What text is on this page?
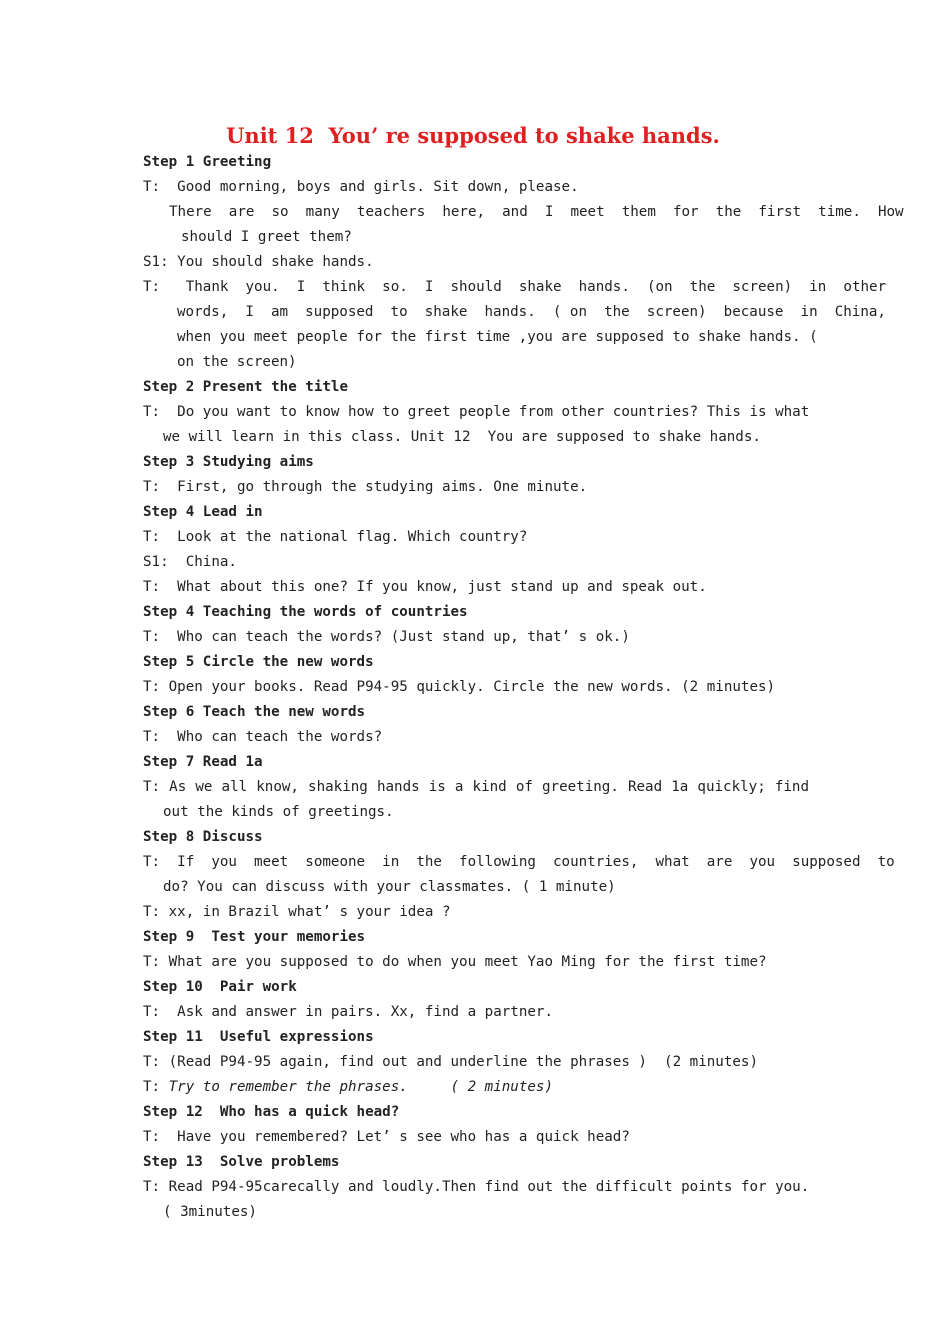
Unit 12  You’ re supposed to shake hands.
Step 1 Greeting
T:  Good morning, boys and girls. Sit down, please.
There  are  so  many  teachers  here,  and  I  meet  them  for  the  first  time.  How
should I greet them?
S1: You should shake hands.
T:   Thank  you.  I  think  so.  I  should  shake  hands.  (on  the  screen)  in  other
words,  I  am  supposed  to  shake  hands.  ( on  the  screen)  because  in  China,
when you meet people for the first time ,you are supposed to shake hands. (
on the screen)
Step 2 Present the title
T:  Do you want to know how to greet people from other countries? This is what
we will learn in this class. Unit 12  You are supposed to shake hands.
Step 3 Studying aims
T:  First, go through the studying aims. One minute.
Step 4 Lead in
T:  Look at the national flag. Which country?
S1:  China.
T:  What about this one? If you know, just stand up and speak out.
Step 4 Teaching the words of countries
T:  Who can teach the words? (Just stand up, that’ s ok.)
Step 5 Circle the new words
T: Open your books. Read P94-95 quickly. Circle the new words. (2 minutes)
Step 6 Teach the new words
T:  Who can teach the words?
Step 7 Read 1a
T: As we all know, shaking hands is a kind of greeting. Read 1a quickly; find
out the kinds of greetings.
Step 8 Discuss
T:  If  you  meet  someone  in  the  following  countries,  what  are  you  supposed  to
do? You can discuss with your classmates. ( 1 minute)
T: xx, in Brazil what’ s your idea ?
Step 9  Test your memories
T: What are you supposed to do when you meet Yao Ming for the first time?
Step 10  Pair work
T:  Ask and answer in pairs. Xx, find a partner.
Step 11  Useful expressions
T: (Read P94-95 again, find out and underline the phrases )  (2 minutes)
T: Try to remember the phrases.     ( 2 minutes)
Step 12  Who has a quick head?
T:  Have you remembered? Let’ s see who has a quick head?
Step 13  Solve problems
T: Read P94-95carecally and loudly.Then find out the difficult points for you.
( 3minutes)
